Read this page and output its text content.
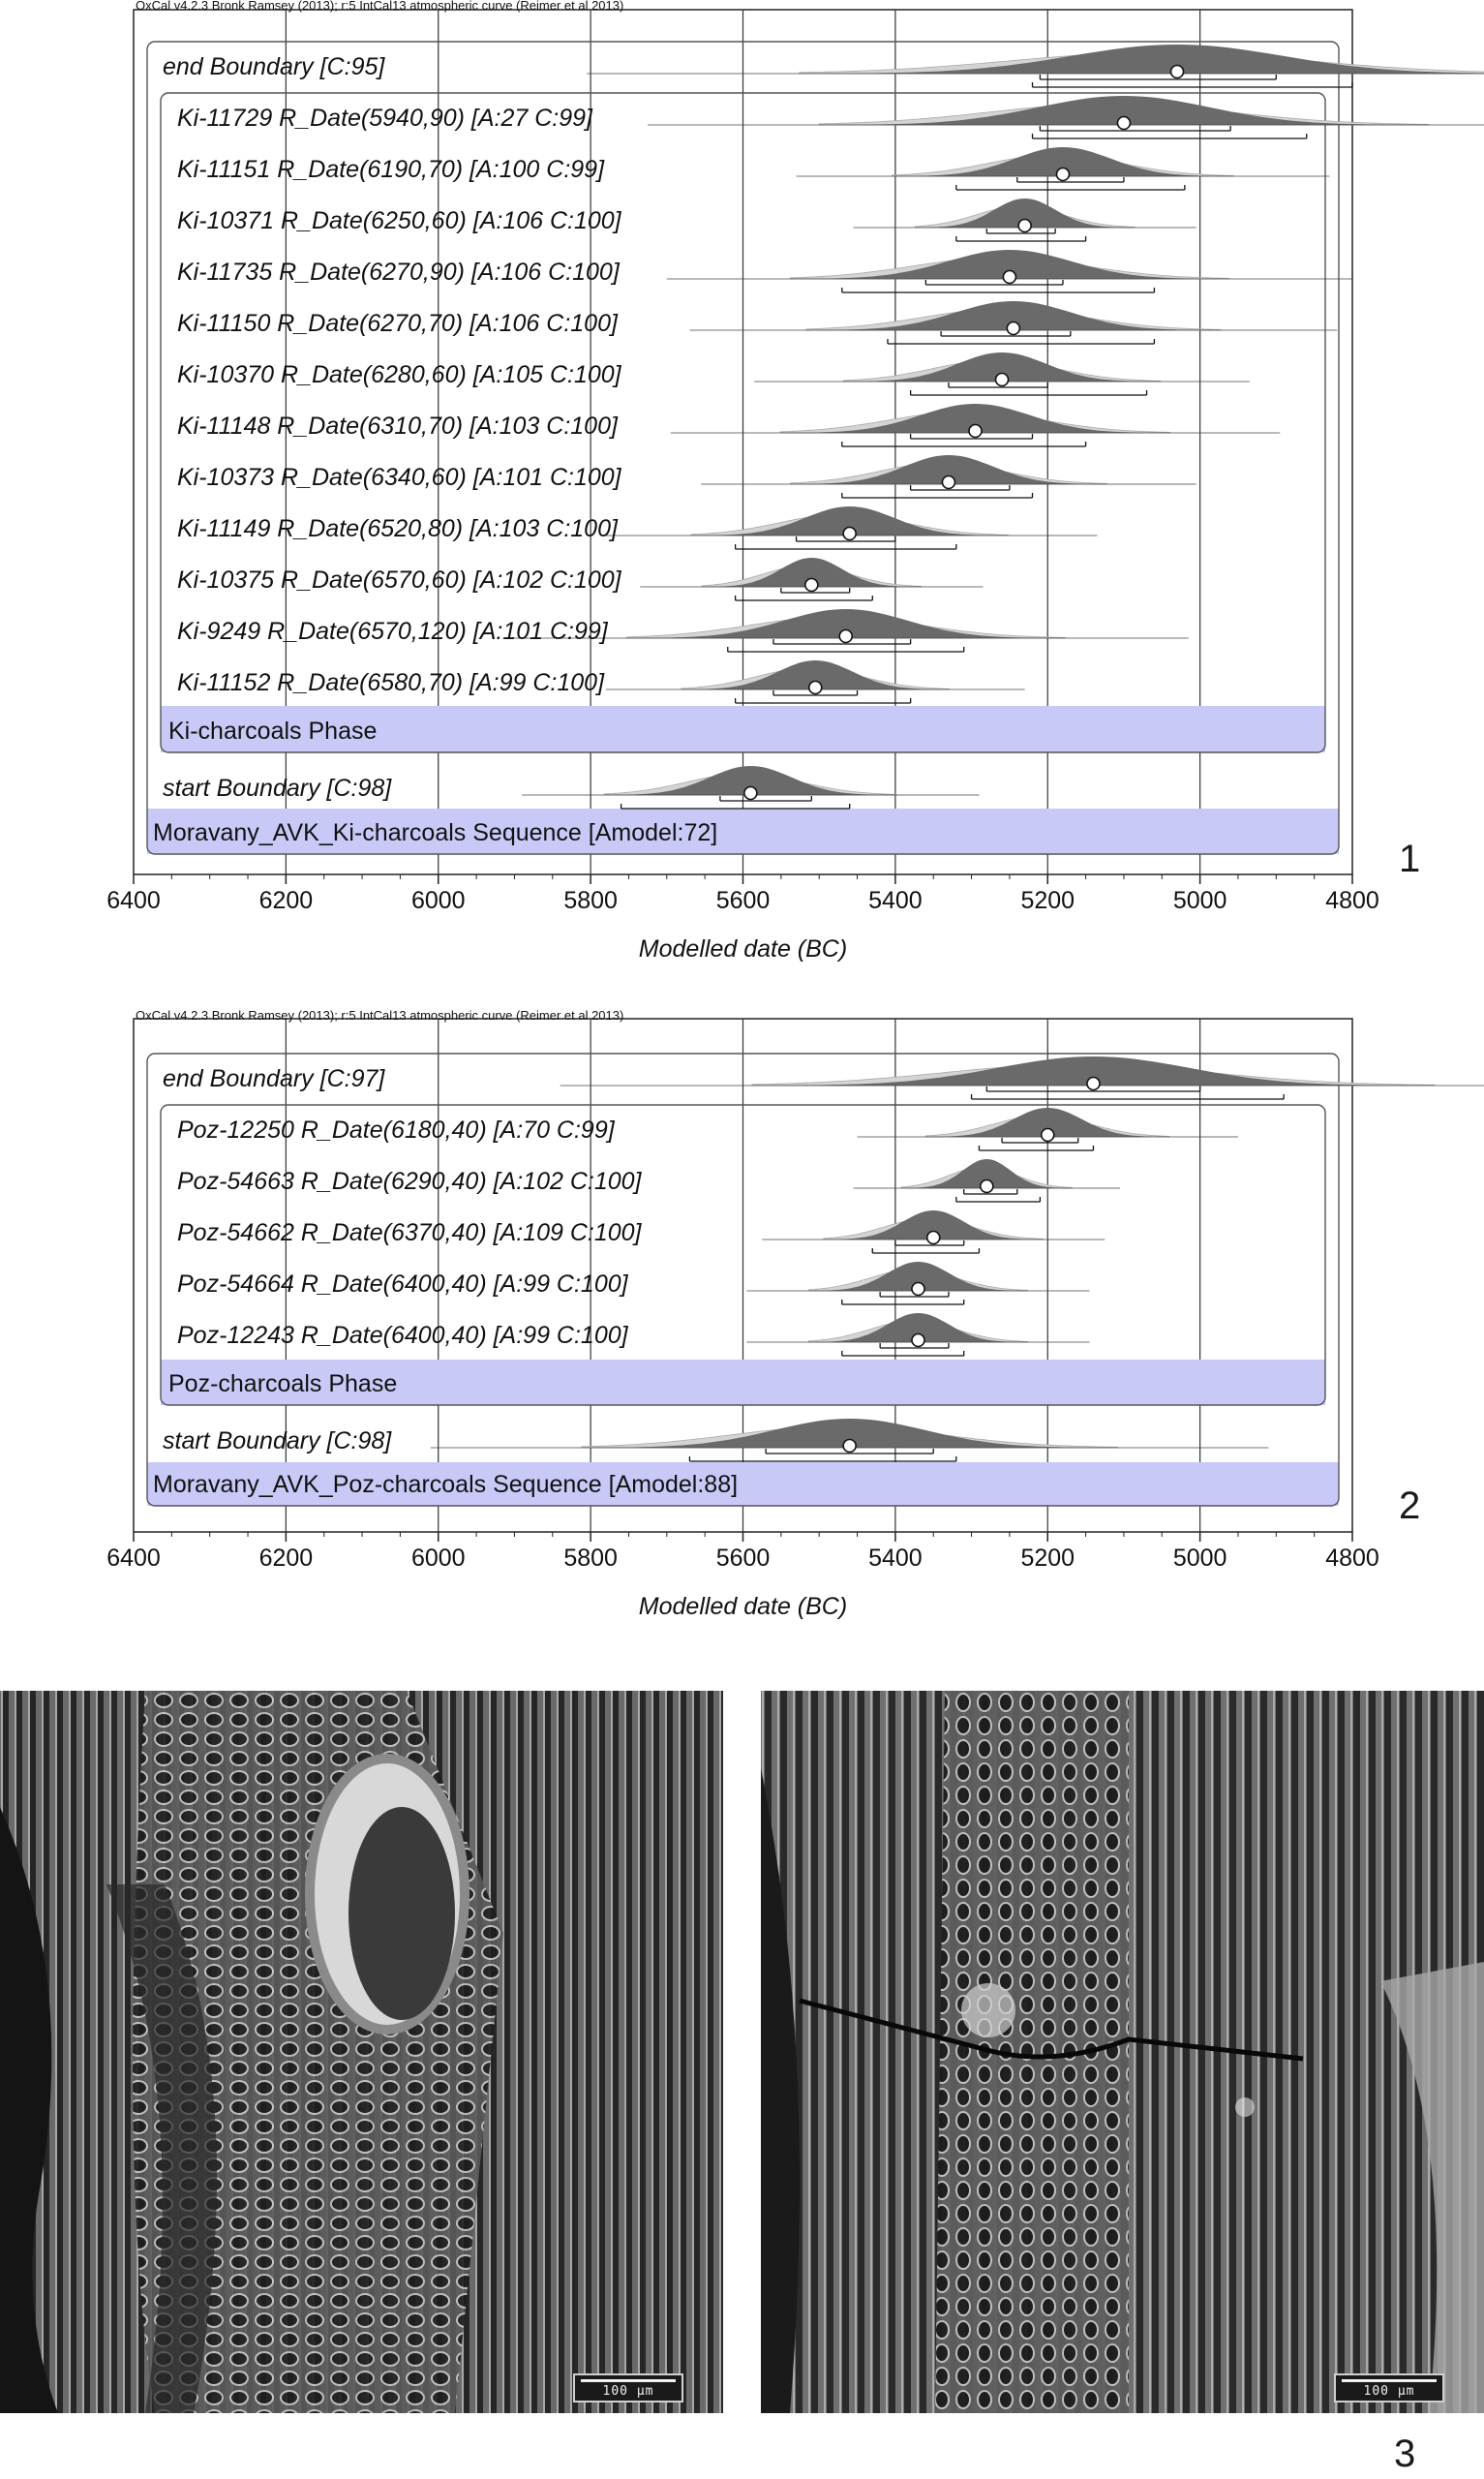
OxCal v4.2.3 Bronk Ramsey (2013); r:5 IntCal13 atmospheric curve (Reimer et al 2013)
6400	6200	6000	5800	5600	5400	5200	5000	4800
Modelled date (BC)
Moravany_AVK_Ki-charcoals Sequence [Amodel:72]
Ki-charcoals Phase
end Boundary [C:95]
Ki-11729 R_Date(5940,90) [A:27 C:99]
Ki-11151 R_Date(6190,70) [A:100 C:99]
Ki-10371 R_Date(6250,60) [A:106 C:100]
Ki-11735 R_Date(6270,90) [A:106 C:100]
Ki-11150 R_Date(6270,70) [A:106 C:100]
Ki-10370 R_Date(6280,60) [A:105 C:100]
Ki-11148 R_Date(6310,70) [A:103 C:100]
Ki-10373 R_Date(6340,60) [A:101 C:100]
Ki-11149 R_Date(6520,80) [A:103 C:100]
Ki-10375 R_Date(6570,60) [A:102 C:100]
Ki-9249 R_Date(6570,120) [A:101 C:99]
Ki-11152 R_Date(6580,70) [A:99 C:100]
start Boundary [C:98]
OxCal v4.2.3 Bronk Ramsey (2013); r:5 IntCal13 atmospheric curve (Reimer et al 2013)
6400	6200	6000	5800	5600	5400	5200	5000	4800
Modelled date (BC)
Moravany_AVK_Poz-charcoals Sequence [Amodel:88]
Poz-charcoals Phase
end Boundary [C:97]
Poz-12250 R_Date(6180,40) [A:70 C:99]
Poz-54663 R_Date(6290,40) [A:102 C:100]
Poz-54662 R_Date(6370,40) [A:109 C:100]
Poz-54664 R_Date(6400,40) [A:99 C:100]
Poz-12243 R_Date(6400,40) [A:99 C:100]
start Boundary [C:98]
1
2
100 μm	100 μm
3
